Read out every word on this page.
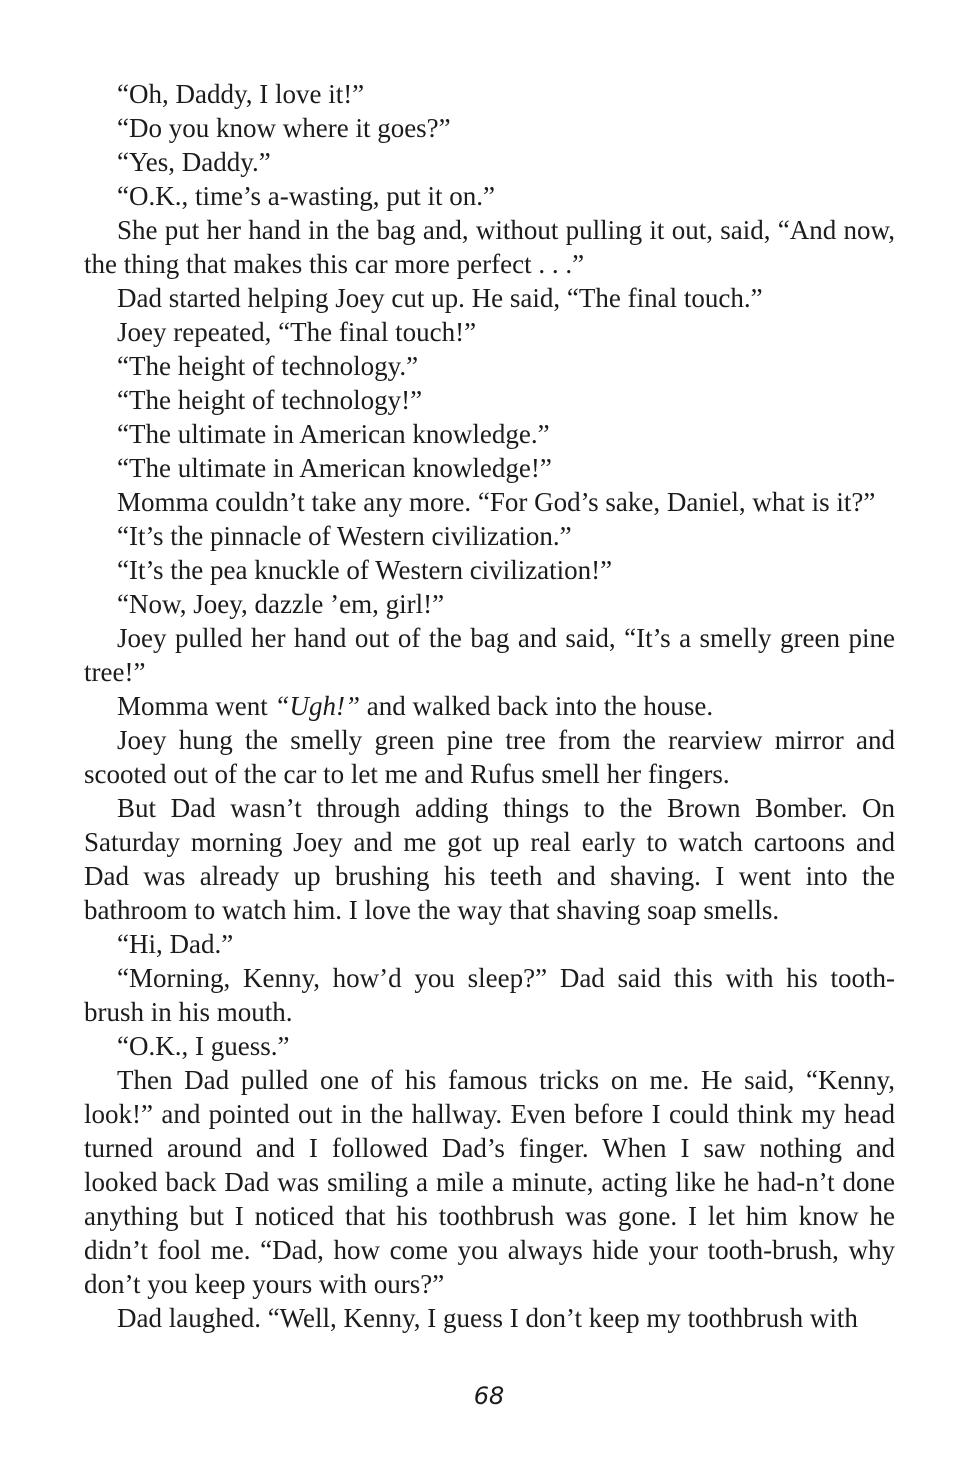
“Oh, Daddy, I love it!”

“Do you know where it goes?”

“Yes, Daddy.”

“O.K., time’s a-wasting, put it on.”

She put her hand in the bag and, without pulling it out, said, “And now, the thing that makes this car more perfect . . .”

Dad started helping Joey cut up. He said, “The final touch.”

Joey repeated, “The final touch!”

“The height of technology.”

“The height of technology!”

“The ultimate in American knowledge.”

“The ultimate in American knowledge!”

Momma couldn’t take any more. “For God’s sake, Daniel, what is it?”

“It’s the pinnacle of Western civilization.”

“It’s the pea knuckle of Western civilization!”

“Now, Joey, dazzle ’em, girl!”

Joey pulled her hand out of the bag and said, “It’s a smelly green pine tree!”

Momma went “Ugh!” and walked back into the house.

Joey hung the smelly green pine tree from the rearview mirror and scooted out of the car to let me and Rufus smell her fingers.

But Dad wasn’t through adding things to the Brown Bomber. On Saturday morning Joey and me got up real early to watch cartoons and Dad was already up brushing his teeth and shaving. I went into the bathroom to watch him. I love the way that shaving soap smells.

“Hi, Dad.”

“Morning, Kenny, how’d you sleep?” Dad said this with his tooth-brush in his mouth.

“O.K., I guess.”

Then Dad pulled one of his famous tricks on me. He said, “Kenny, look!” and pointed out in the hallway. Even before I could think my head turned around and I followed Dad’s finger. When I saw nothing and looked back Dad was smiling a mile a minute, acting like he had-n’t done anything but I noticed that his toothbrush was gone. I let him know he didn’t fool me. “Dad, how come you always hide your tooth-brush, why don’t you keep yours with ours?”

Dad laughed. “Well, Kenny, I guess I don’t keep my toothbrush with

68
